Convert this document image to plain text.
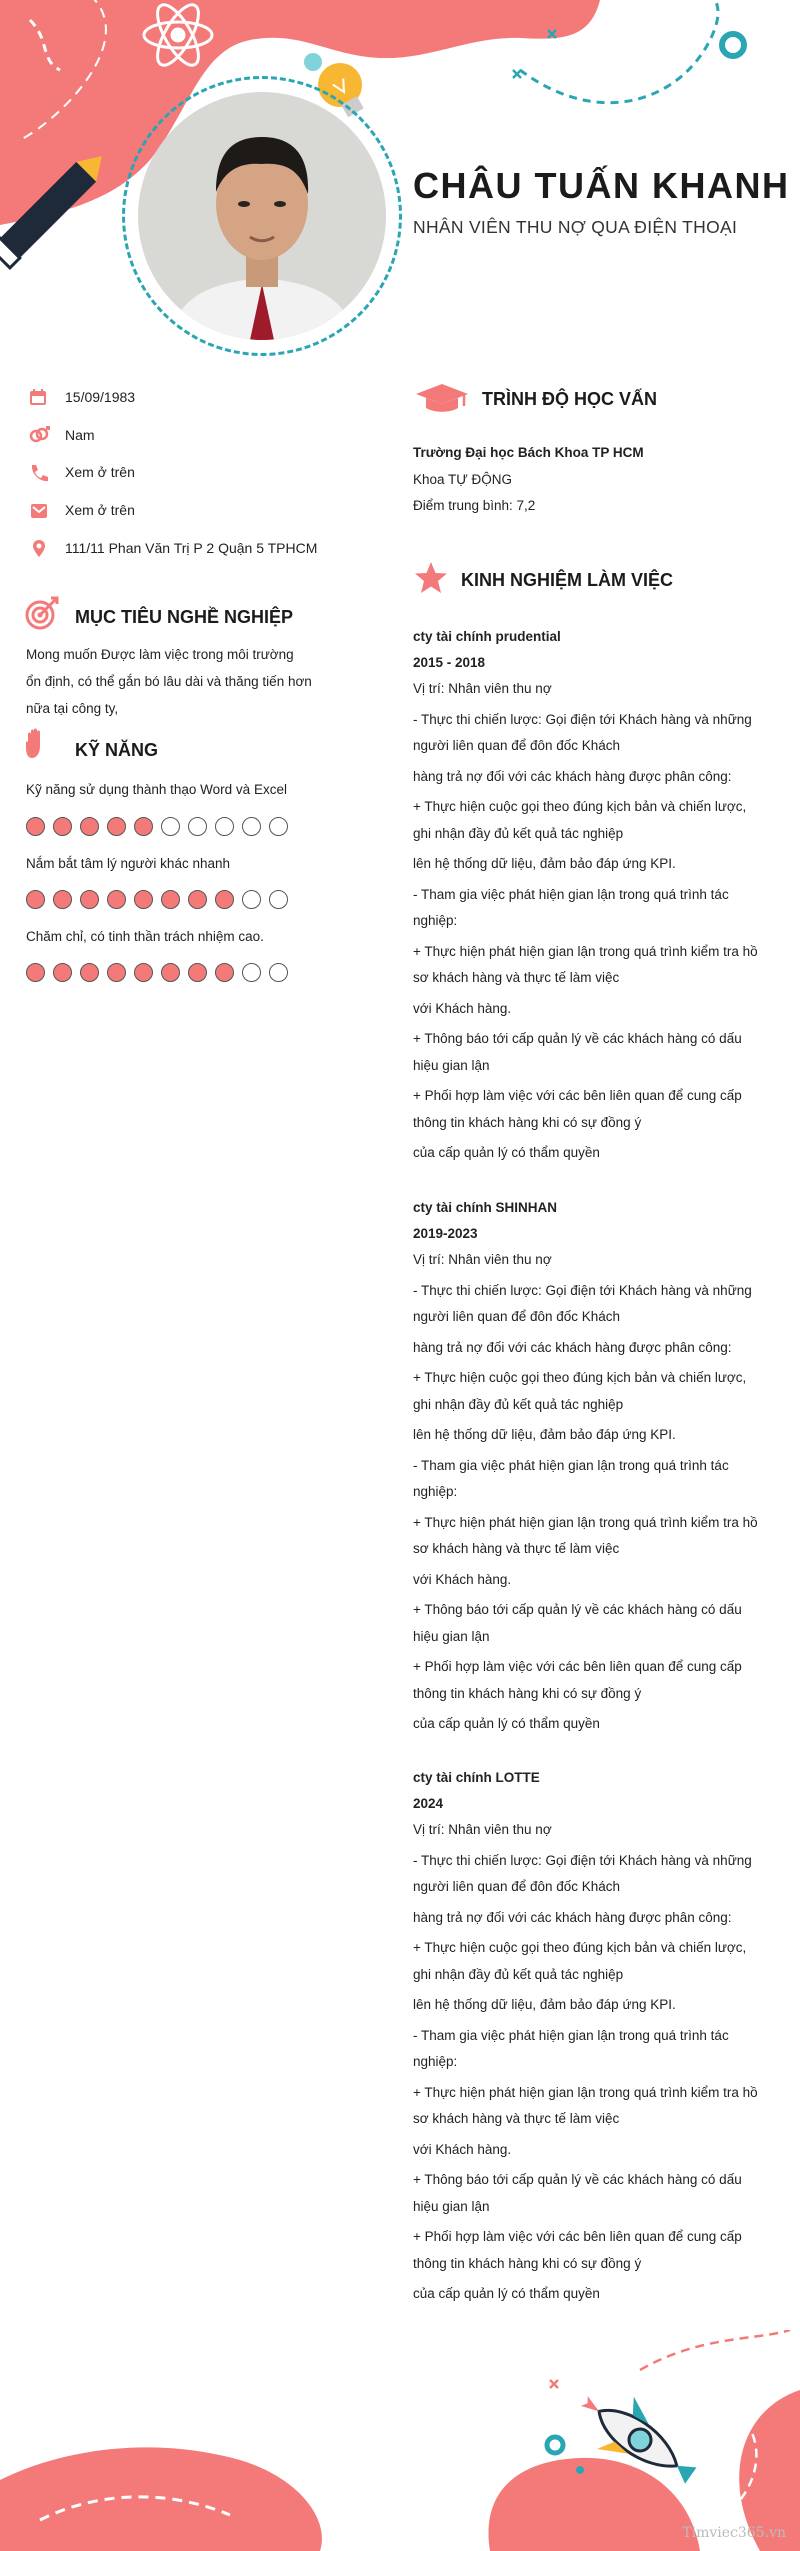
CHÂU TUẤN KHANH
NHÂN VIÊN THU NỢ QUA ĐIỆN THOẠI
15/09/1983
Nam
Xem ở trên
Xem ở trên
111/11 Phan Văn Trị P 2 Quận 5 TPHCM
MỤC TIÊU NGHỀ NGHIỆP
Mong muốn Được làm việc trong môi trường
ổn định, có thể gắn bó lâu dài và thăng tiến hơn
nữa tại công ty,
KỸ NĂNG
Kỹ năng sử dụng thành thạo Word và Excel
Nắm bắt tâm lý người khác nhanh
Chăm chỉ, có tinh thần trách nhiệm cao.
TRÌNH ĐỘ HỌC VẤN
Trường Đại học Bách Khoa TP HCM
Khoa TỰ ĐỘNG
Điểm trung bình: 7,2
KINH NGHIỆM LÀM VIỆC
cty tài chính prudential
2015 - 2018
Vị trí: Nhân viên thu nợ
- Thực thi chiến lược: Gọi điện tới Khách hàng và những
người liên quan để đôn đốc Khách
hàng trả nợ đối với các khách hàng được phân công:
+ Thực hiện cuộc gọi theo đúng kịch bản và chiến lược,
ghi nhận đầy đủ kết quả tác nghiệp
lên hệ thống dữ liệu, đảm bảo đáp ứng KPI.
- Tham gia việc phát hiện gian lận trong quá trình tác
nghiệp:
+ Thực hiện phát hiện gian lận trong quá trình kiểm tra hồ
sơ khách hàng và thực tế làm việc
với Khách hàng.
+ Thông báo tới cấp quản lý về các khách hàng có dấu
hiệu gian lận
+ Phối hợp làm việc với các bên liên quan để cung cấp
thông tin khách hàng khi có sự đồng ý
của cấp quản lý có thẩm quyền
cty tài chính SHINHAN
2019-2023
Vị trí: Nhân viên thu nợ
- Thực thi chiến lược: Gọi điện tới Khách hàng và những
người liên quan để đôn đốc Khách
hàng trả nợ đối với các khách hàng được phân công:
+ Thực hiện cuộc gọi theo đúng kịch bản và chiến lược,
ghi nhận đầy đủ kết quả tác nghiệp
lên hệ thống dữ liệu, đảm bảo đáp ứng KPI.
- Tham gia việc phát hiện gian lận trong quá trình tác
nghiệp:
+ Thực hiện phát hiện gian lận trong quá trình kiểm tra hồ
sơ khách hàng và thực tế làm việc
với Khách hàng.
+ Thông báo tới cấp quản lý về các khách hàng có dấu
hiệu gian lận
+ Phối hợp làm việc với các bên liên quan để cung cấp
thông tin khách hàng khi có sự đồng ý
của cấp quản lý có thẩm quyền
cty tài chính LOTTE
2024
Vị trí: Nhân viên thu nợ
- Thực thi chiến lược: Gọi điện tới Khách hàng và những
người liên quan để đôn đốc Khách
hàng trả nợ đối với các khách hàng được phân công:
+ Thực hiện cuộc gọi theo đúng kịch bản và chiến lược,
ghi nhận đầy đủ kết quả tác nghiệp
lên hệ thống dữ liệu, đảm bảo đáp ứng KPI.
- Tham gia việc phát hiện gian lận trong quá trình tác
nghiệp:
+ Thực hiện phát hiện gian lận trong quá trình kiểm tra hồ
sơ khách hàng và thực tế làm việc
với Khách hàng.
+ Thông báo tới cấp quản lý về các khách hàng có dấu
hiệu gian lận
+ Phối hợp làm việc với các bên liên quan để cung cấp
thông tin khách hàng khi có sự đồng ý
của cấp quản lý có thẩm quyền
Timviec365.vn
